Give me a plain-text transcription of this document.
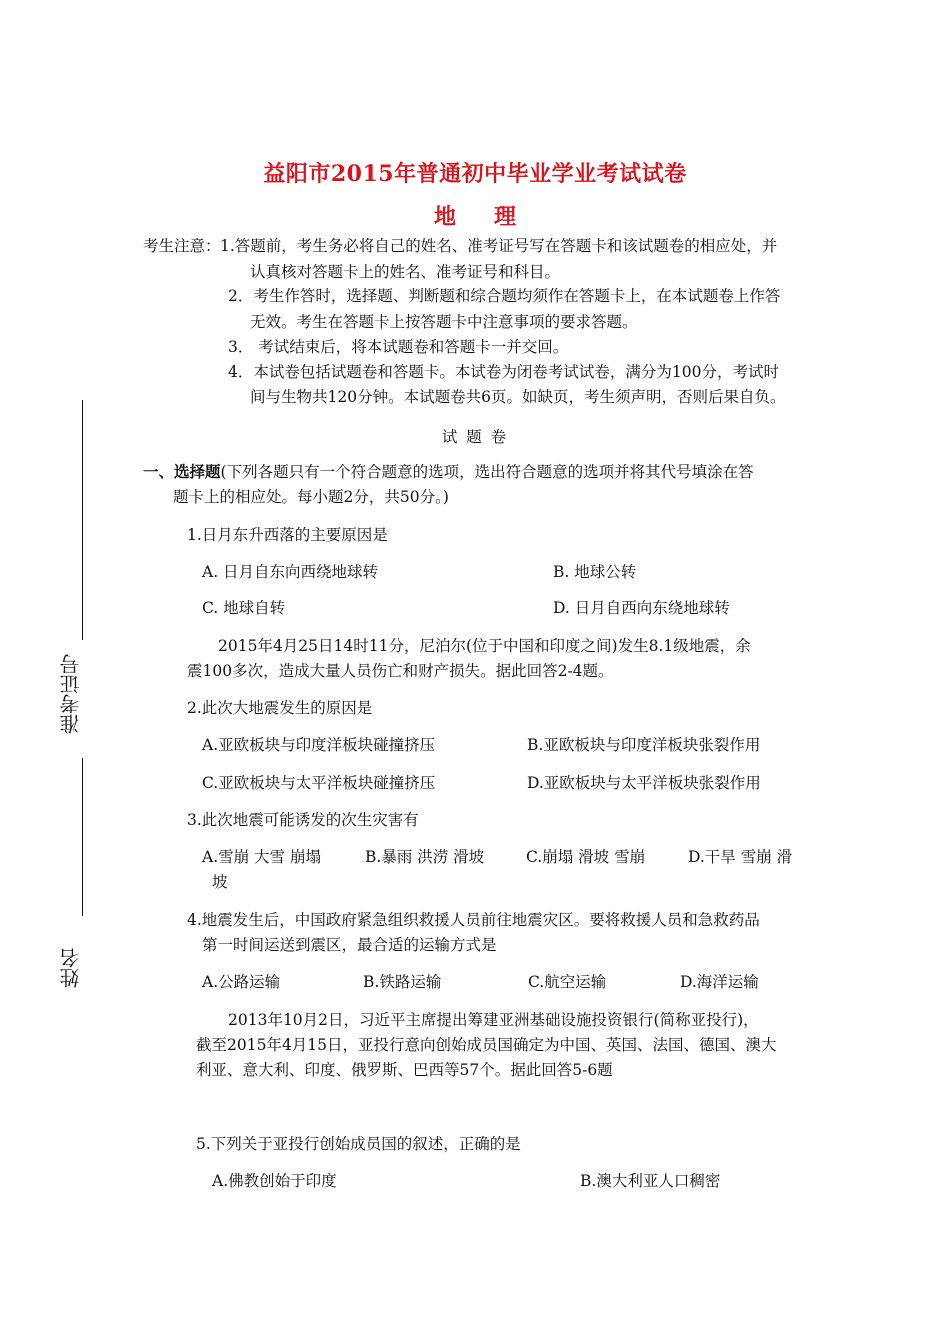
准考证号
姓名
益阳市2015年普通初中毕业学业考试试卷
地理
考生注意： 1.答题前，考生务必将自己的姓名、准考证号写在答题卡和该试题卷的相应处，并
认真核对答题卡上的姓名、准考证号和科目。
2．考生作答时，选择题、判断题和综合题均须作在答题卡上，在本试题卷上作答
无效。考生在答题卡上按答题卡中注意事项的要求答题。
3． 考试结束后，将本试题卷和答题卡一并交回。
4．本试卷包括试题卷和答题卡。本试卷为闭卷考试试卷，满分为100分，考试时
间与生物共120分钟。本试题卷共6页。如缺页，考生须声明，否则后果自负。
试 题 卷
一、选择题(下列各题只有一个符合题意的选项，选出符合题意的选项并将其代号填涂在答
题卡上的相应处。每小题2分，共50分。)
1.日月东升西落的主要原因是
A. 日月自东向西绕地球转	B. 地球公转
C. 地球自转	D. 日月自西向东绕地球转
2015年4月25日14时11分，尼泊尔(位于中国和印度之间)发生8.1级地震，余
震100多次，造成大量人员伤亡和财产损失。据此回答2-4题。
2.此次大地震发生的原因是
A.亚欧板块与印度洋板块碰撞挤压	B.亚欧板块与印度洋板块张裂作用
C.亚欧板块与太平洋板块碰撞挤压	D.亚欧板块与太平洋板块张裂作用
3.此次地震可能诱发的次生灾害有
A.雪崩 大雪 崩塌	B.暴雨 洪涝 滑坡	C.崩塌 滑坡 雪崩	D.干旱 雪崩 滑
坡
4.地震发生后，中国政府紧急组织救援人员前往地震灾区。要将救援人员和急救药品
第一时间运送到震区，最合适的运输方式是
A.公路运输	B.铁路运输	C.航空运输	D.海洋运输
2013年10月2日，习近平主席提出筹建亚洲基础设施投资银行(简称亚投行)，
截至2015年4月15日，亚投行意向创始成员国确定为中国、英国、法国、德国、澳大
利亚、意大利、印度、俄罗斯、巴西等57个。据此回答5-6题
5.下列关于亚投行创始成员国的叙述，正确的是
A.佛教创始于印度	B.澳大利亚人口稠密
